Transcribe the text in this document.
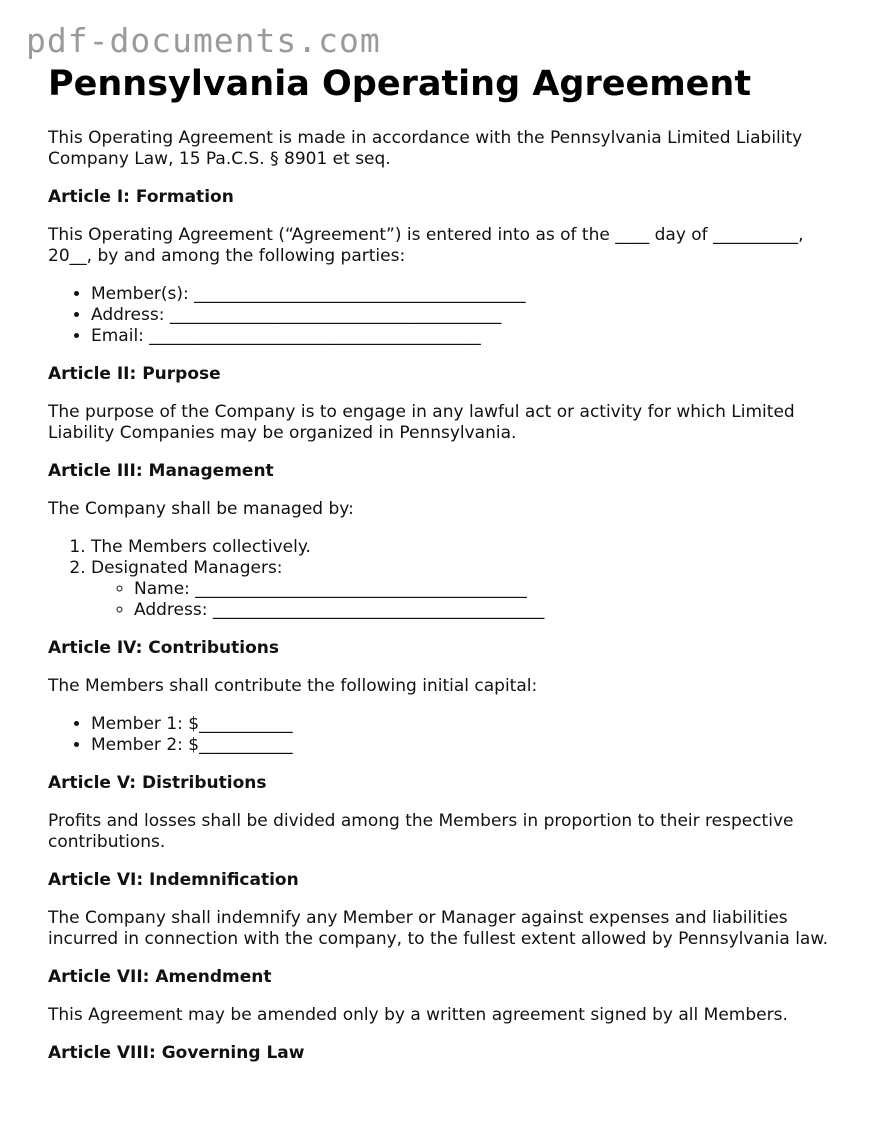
pdf-documents.com
Pennsylvania Operating Agreement

This Operating Agreement is made in accordance with the Pennsylvania Limited Liability Company Law, 15 Pa.C.S. § 8901 et seq.

Article I: Formation

This Operating Agreement (“Agreement”) is entered into as of the ____ day of __________, 20__, by and among the following parties:

• Member(s): _______________________________________
• Address: _______________________________________
• Email: _______________________________________
Article II: Purpose

The purpose of the Company is to engage in any lawful act or activity for which Limited Liability Companies may be organized in Pennsylvania.

Article III: Management

The Company shall be managed by:

1. The Members collectively.
2. Designated Managers:
◦ Name: _______________________________________
◦ Address: _______________________________________
Article IV: Contributions

The Members shall contribute the following initial capital:

• Member 1: $___________
• Member 2: $___________
Article V: Distributions

Profits and losses shall be divided among the Members in proportion to their respective contributions.

Article VI: Indemnification

The Company shall indemnify any Member or Manager against expenses and liabilities incurred in connection with the company, to the fullest extent allowed by Pennsylvania law.

Article VII: Amendment

This Agreement may be amended only by a written agreement signed by all Members.

Article VIII: Governing Law
